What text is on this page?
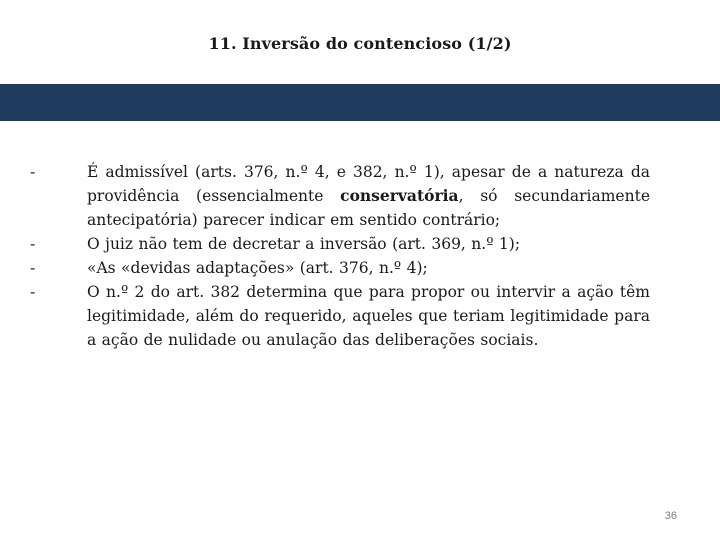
11. Inversão do contencioso (1/2)
-	É admissível (arts. 376, n.º 4, e 382, n.º 1), apesar de a natureza da providência (essencialmente conservatória, só secundariamente antecipatória) parecer indicar em sentido contrário;
-	O juiz não tem de decretar a inversão (art. 369, n.º 1);
-	«As «devidas adaptações» (art. 376, n.º 4);
-	O n.º 2 do art. 382 determina que para propor ou intervir a ação têm legitimidade, além do requerido, aqueles que teriam legitimidade para a ação de nulidade ou anulação das deliberações sociais.
36
